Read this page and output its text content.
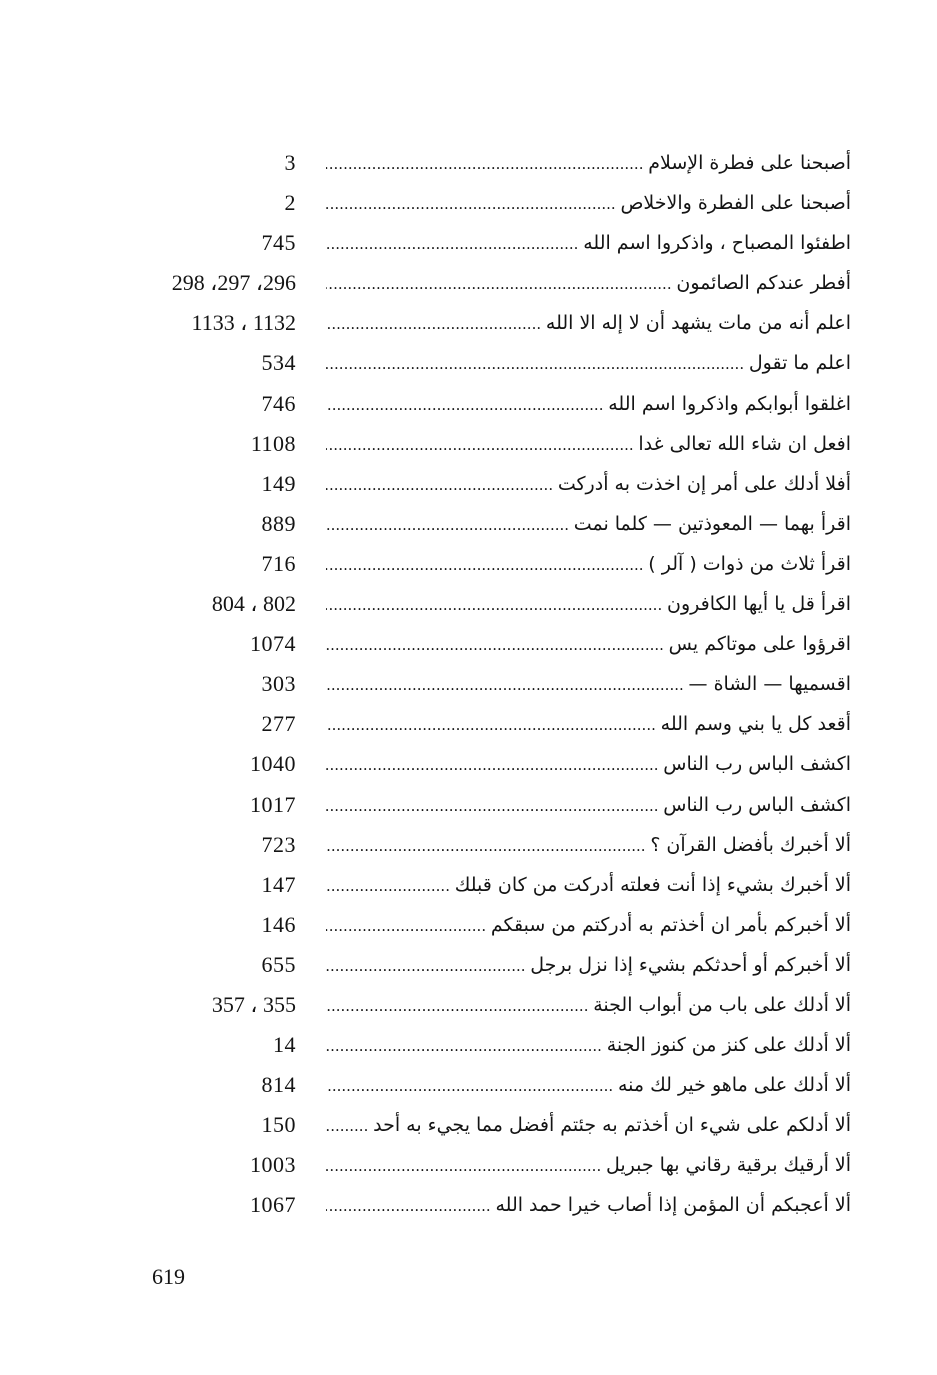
أصبحنا على فطرة الإسلام .....
3
أصبحنا على الفطرة والاخلاص .....
2
اطفئوا المصباح ، واذكروا اسم الله .....
745
أفطر عندكم الصائمون .....
298 ،297 ،296
اعلم أنه من مات يشهد أن لا إله الا الله .....
1133 ، 1132
اعلم ما تقول .....
534
اغلقوا أبوابكم واذكروا اسم الله .....
746
افعل ان شاء الله تعالى غدا .....
1108
أفلا أدلك على أمر إن اخذت به أدركت .....
149
اقرأ بهما — المعوذتين — كلما نمت .....
889
اقرأ ثلاث من ذوات ( آلر ) .....
716
اقرأ قل يا أيها الكافرون .....
804 ، 802
اقرؤوا على موتاكم يس .....
1074
اقسميها — الشاة — .....
303
أقعد كل يا بني وسم الله .....
277
اكشف الباس رب الناس .....
1040
اكشف الباس رب الناس .....
1017
ألا أخبرك بأفضل القرآن ؟ .....
723
ألا أخبرك بشيء إذا أنت فعلته أدركت من كان قبلك .....
147
ألا أخبركم بأمر ان أخذتم به أدركتم من سبقكم .....
146
ألا أخبركم أو أحدثكم بشيء إذا نزل برجل .....
655
ألا أدلك على باب من أبواب الجنة .....
357 ، 355
ألا أدلك على كنز من كنوز الجنة .....
14
ألا أدلك على ماهو خير لك منه .....
814
ألا أدلكم على شيء ان أخذتم به جئتم أفضل مما يجيء به أحد .....
150
ألا أرقيك برقية رقاني بها جبريل .....
1003
ألا أعجبكم أن المؤمن إذا أصاب خيرا حمد الله .....
1067
619
